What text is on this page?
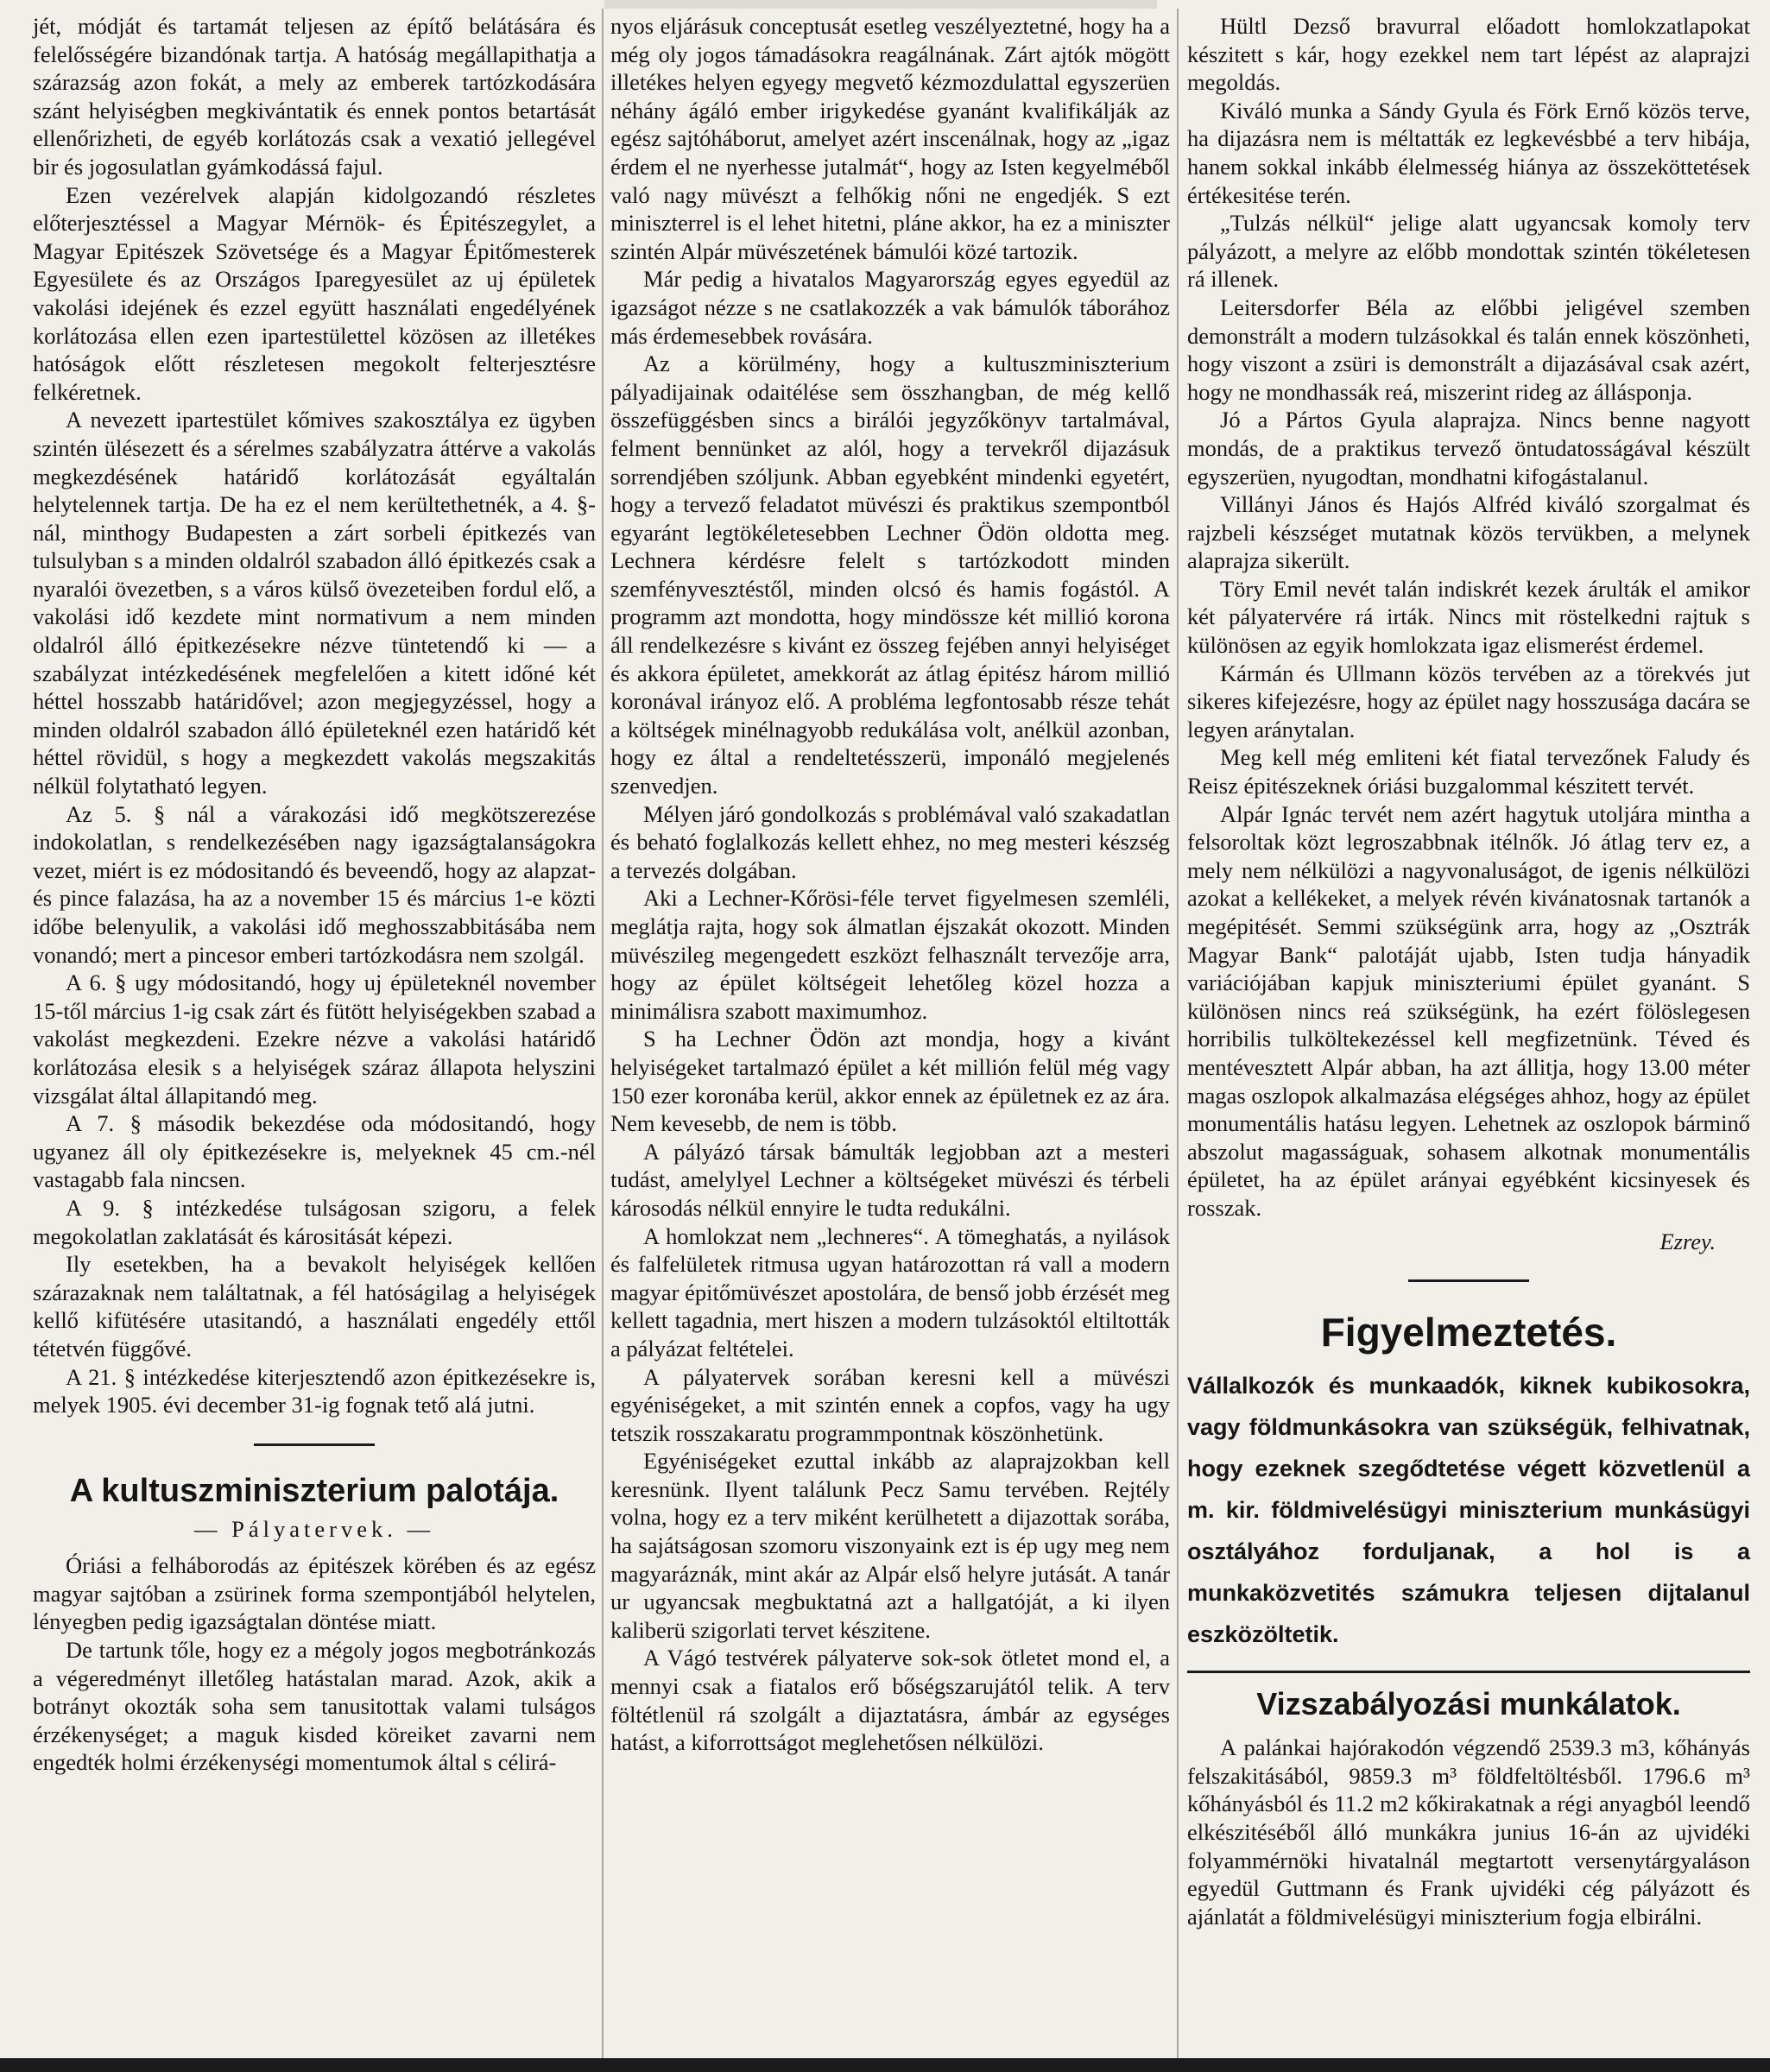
jét, módját és tartamát teljesen az építő belátására és felelősségére bizandónak tartja. A hatóság megállapithatja a szárazság azon fokát, a mely az emberek tartózkodására szánt helyiségben megkivántatik és ennek pontos betartását ellenőrizheti, de egyéb korlátozás csak a vexatió jellegével bir és jogosulatlan gyámkodássá fajul.

Ezen vezérelvek alapján kidolgozandó részletes előterjesztéssel a Magyar Mérnök- és Épitészegylet, a Magyar Epitészek Szövetsége és a Magyar Épitőmesterek Egyesülete és az Országos Iparegyesület az uj épületek vakolási idejének és ezzel együtt használati engedélyének korlátozása ellen ezen ipartestülettel közösen az illetékes hatóságok előtt részletesen megokolt felterjesztésre felkéretnek.

A nevezett ipartestület kőmives szakosztálya ez ügyben szintén ülésezett és a sérelmes szabályzatra áttérve a vakolás megkezdésének határidő korlátozását egyáltalán helytelennek tartja. De ha ez el nem kerültethetnék, a 4. §-nál, minthogy Budapesten a zárt sorbeli épitkezés van tulsulyban s a minden oldalról szabadon álló épitkezés csak a nyaralói övezetben, s a város külső övezeteiben fordul elő, a vakolási idő kezdete mint normativum a nem minden oldalról álló épitkezésekre nézve tüntetendő ki — a szabályzat intézkedésének megfelelően a kitett időné két héttel hosszabb határidővel; azon megjegyzéssel, hogy a minden oldalról szabadon álló épületeknél ezen határidő két héttel rövidül, s hogy a megkezdett vakolás megszakitás nélkül folytatható legyen.

Az 5. § nál a várakozási idő megkötszerezése indokolatlan, s rendelkezésében nagy igazságtalanságokra vezet, miért is ez módositandó és beveendő, hogy az alapzat- és pince falazása, ha az a november 15 és március 1-e közti időbe belenyulik, a vakolási idő meghosszabbitásába nem vonandó; mert a pincesor emberi tartózkodásra nem szolgál.

A 6. § ugy módositandó, hogy uj épületeknél november 15-től március 1-ig csak zárt és fütött helyiségekben szabad a vakolást megkezdeni. Ezekre nézve a vakolási határidő korlátozása elesik s a helyiségek száraz állapota helyszini vizsgálat által állapitandó meg.

A 7. § második bekezdése oda módositandó, hogy ugyanez áll oly épitkezésekre is, melyeknek 45 cm.-nél vastagabb fala nincsen.

A 9. § intézkedése tulságosan szigoru, a felek megokolatlan zaklatását és kárositását képezi.

Ily esetekben, ha a bevakolt helyiségek kellően szárazaknak nem találtatnak, a fél hatóságilag a helyiségek kellő kifütésére utasitandó, a használati engedély ettől tétetvén függővé.

A 21. § intézkedése kiterjesztendő azon épitkezésekre is, melyek 1905. évi december 31-ig fognak tető alá jutni.

A kultuszminiszterium palotája.

— Pályatervek. —

Óriási a felháborodás az épitészek körében és az egész magyar sajtóban a zsürinek forma szempontjából helytelen, lényegben pedig igazságtalan döntése miatt.

De tartunk tőle, hogy ez a mégoly jogos megbotránkozás a végeredményt illetőleg hatástalan marad. Azok, akik a botrányt okozták soha sem tanusitottak valami tulságos érzékenységet; a maguk kisded köreiket zavarni nem engedték holmi érzékenységi momentumok által s célirá-

nyos eljárásuk conceptusát esetleg veszélyeztetné, hogy ha a még oly jogos támadásokra reagálnának. Zárt ajtók mögött illetékes helyen egyegy megvető kézmozdulattal egyszerüen néhány ágáló ember irigykedése gyanánt kvalifikálják az egész sajtóháborut, amelyet azért inscenálnak, hogy az „igaz érdem el ne nyerhesse jutalmát“, hogy az Isten kegyelméből való nagy müvészt a felhőkig nőni ne engedjék. S ezt miniszterrel is el lehet hitetni, pláne akkor, ha ez a miniszter szintén Alpár müvészetének bámulói közé tartozik.

Már pedig a hivatalos Magyarország egyes egyedül az igazságot nézze s ne csatlakozzék a vak bámulók táborához más érdemesebbek rovására.

Az a körülmény, hogy a kultuszminiszterium pályadijainak odaitélése sem összhangban, de még kellő összefüggésben sincs a birálói jegyzőkönyv tartalmával, felment bennünket az alól, hogy a tervekről dijazásuk sorrendjében szóljunk. Abban egyebként mindenki egyetért, hogy a tervező feladatot müvészi és praktikus szempontból egyaránt legtökéletesebben Lechner Ödön oldotta meg. Lechnera kérdésre felelt s tartózkodott minden szemfényvesztéstől, minden olcsó és hamis fogástól. A programm azt mondotta, hogy mindössze két millió korona áll rendelkezésre s kivánt ez összeg fejében annyi helyiséget és akkora épületet, amekkorát az átlag épitész három millió koronával irányoz elő. A probléma legfontosabb része tehát a költségek minélnagyobb redukálása volt, anélkül azonban, hogy ez által a rendeltetésszerü, imponáló megjelenés szenvedjen.

Mélyen járó gondolkozás s problémával való szakadatlan és beható foglalkozás kellett ehhez, no meg mesteri készség a tervezés dolgában.

Aki a Lechner-Kőrösi-féle tervet figyelmesen szemléli, meglátja rajta, hogy sok álmatlan éjszakát okozott. Minden müvészileg megengedett eszközt felhasznált tervezője arra, hogy az épület költségeit lehetőleg közel hozza a minimálisra szabott maximumhoz.

S ha Lechner Ödön azt mondja, hogy a kivánt helyiségeket tartalmazó épület a két millión felül még vagy 150 ezer koronába kerül, akkor ennek az épületnek ez az ára. Nem kevesebb, de nem is több.

A pályázó társak bámulták legjobban azt a mesteri tudást, amelylyel Lechner a költségeket müvészi és térbeli károsodás nélkül ennyire le tudta redukálni.

A homlokzat nem „lechneres“. A tömeghatás, a nyilások és falfelületek ritmusa ugyan határozottan rá vall a modern magyar épitőmüvészet apostolára, de benső jobb érzését meg kellett tagadnia, mert hiszen a modern tulzásoktól eltiltották a pályázat feltételei.

A pályatervek sorában keresni kell a müvészi egyéniségeket, a mit szintén ennek a copfos, vagy ha ugy tetszik rosszakaratu programmpontnak köszönhetünk.

Egyéniségeket ezuttal inkább az alaprajzokban kell keresnünk. Ilyent találunk Pecz Samu tervében. Rejtély volna, hogy ez a terv miként kerülhetett a dijazottak sorába, ha sajátságosan szomoru viszonyaink ezt is ép ugy meg nem magyaráznák, mint akár az Alpár első helyre jutását. A tanár ur ugyancsak megbuktatná azt a hallgatóját, a ki ilyen kaliberü szigorlati tervet készitene.

A Vágó testvérek pályaterve sok-sok ötletet mond el, a mennyi csak a fiatalos erő bőségszarujától telik. A terv föltétlenül rá szolgált a dijaztatásra, ámbár az egységes hatást, a kiforrottságot meglehetősen nélkülözi.

Hültl Dezső bravurral előadott homlokzatlapokat készitett s kár, hogy ezekkel nem tart lépést az alaprajzi megoldás.

Kiváló munka a Sándy Gyula és Förk Ernő közös terve, ha dijazásra nem is méltatták ez legkevésbbé a terv hibája, hanem sokkal inkább élelmesség hiánya az összeköttetések értékesitése terén.

„Tulzás nélkül“ jelige alatt ugyancsak komoly terv pályázott, a melyre az előbb mondottak szintén tökéletesen rá illenek.

Leitersdorfer Béla az előbbi jeligével szemben demonstrált a modern tulzásokkal és talán ennek köszönheti, hogy viszont a zsüri is demonstrált a dijazásával csak azért, hogy ne mondhassák reá, miszerint rideg az állásponja.

Jó a Pártos Gyula alaprajza. Nincs benne nagyott mondás, de a praktikus tervező öntudatosságával készült egyszerüen, nyugodtan, mondhatni kifogástalanul.

Villányi János és Hajós Alfréd kiváló szorgalmat és rajzbeli készséget mutatnak közös tervükben, a melynek alaprajza sikerült.

Töry Emil nevét talán indiskrét kezek árulták el amikor két pályatervére rá irták. Nincs mit röstelkedni rajtuk s különösen az egyik homlokzata igaz elismerést érdemel.

Kármán és Ullmann közös tervében az a törekvés jut sikeres kifejezésre, hogy az épület nagy hosszusága dacára se legyen aránytalan.

Meg kell még emliteni két fiatal tervezőnek Faludy és Reisz épitészeknek óriási buzgalommal készitett tervét.

Alpár Ignác tervét nem azért hagytuk utoljára mintha a felsoroltak közt legroszabbnak itélnők. Jó átlag terv ez, a mely nem nélkülözi a nagyvonaluságot, de igenis nélkülözi azokat a kellékeket, a melyek révén kivánatosnak tartanók a megépitését. Semmi szükségünk arra, hogy az „Osztrák Magyar Bank“ palotáját ujabb, Isten tudja hányadik variációjában kapjuk miniszteriumi épület gyanánt. S különösen nincs reá szükségünk, ha ezért fölöslegesen horribilis tulköltekezéssel kell megfizetnünk. Téved és mentévesztett Alpár abban, ha azt állitja, hogy 13.00 méter magas oszlopok alkalmazása elégséges ahhoz, hogy az épület monumentális hatásu legyen. Lehetnek az oszlopok bárminő abszolut magasságuak, sohasem alkotnak monumentális épületet, ha az épület arányai egyébként kicsinyesek és rosszak.

Ezrey.

Figyelmeztetés.

Vállalkozók és munkaadók, kiknek kubikosokra, vagy földmunkásokra van szükségük, felhivatnak, hogy ezeknek szegődtetése végett közvetlenül a m. kir. földmivelésügyi miniszterium munkásügyi osztályához forduljanak, a hol is a munkaközvetités számukra teljesen dijtalanul eszközöltetik.

Vizszabályozási munkálatok.

A palánkai hajórakodón végzendő 2539.3 m3, kőhányás felszakitásából, 9859.3 m³ földfeltöltésből. 1796.6 m³ kőhányásból és 11.2 m2 kőkirakatnak a régi anyagból leendő elkészitéséből álló munkákra junius 16-án az ujvidéki folyammérnöki hivatalnál megtartott versenytárgyaláson egyedül Guttmann és Frank ujvidéki cég pályázott és ajánlatát a földmivelésügyi miniszterium fogja elbirálni.
